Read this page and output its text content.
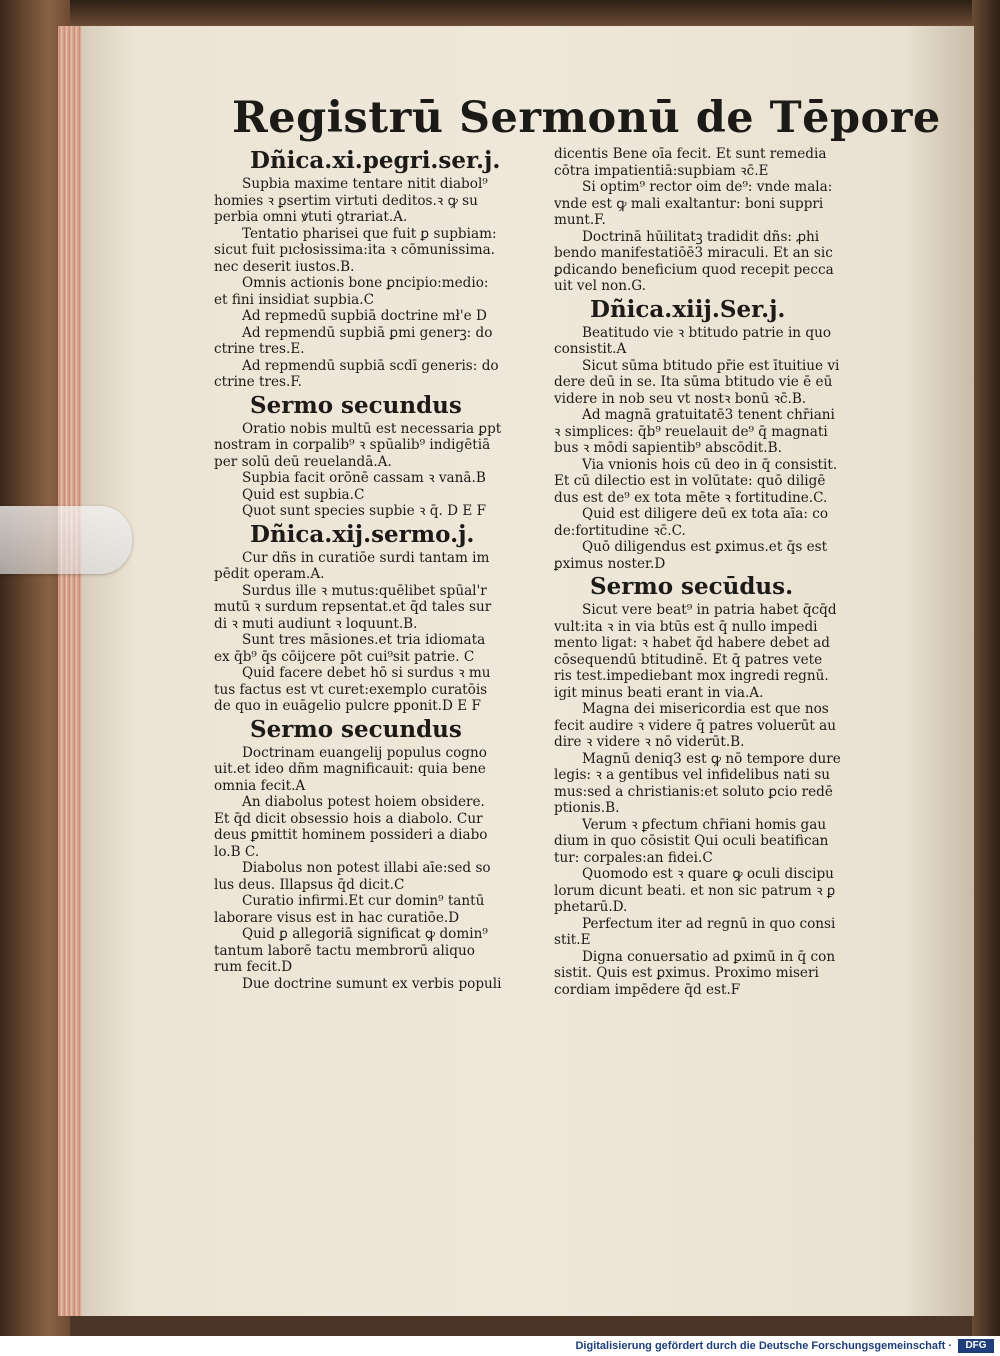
Registrū Sermonū de Tēpore
Dñica.xi.pegri.ser.j.
Supbia maxime tentare nitit diabol⁹
homies ꝛ ꝑsertim virtuti deditos.ꝛ ꝙ su
perbia omni ꝟtuti ꝯtrariat.A.
Tentatio pharisei que fuit ꝑ supbiam:
sicut fuit pıcłosissima:ita ꝛ cōmunissima.
nec deserit iustos.B.
Omnis actionis bone ꝑncipio:medio:
et fini insidiat supbia.C
Ad repmedū supbiā doctrine mł'e D
Ad repmendū supbiā ꝑmi generꝫ: do
ctrine tres.E.
Ad repmendū supbiā scdī generis: do
ctrine tres.F.
Sermo secundus
Oratio nobis multū est necessaria ꝑpt
nostram in corpalib⁹ ꝛ spūalib⁹ indigētiā
per solū deū reuelandā.A.
Supbia facit orōnē cassam ꝛ vanā.B
Quid est supbia.C
Quot sunt species supbie ꝛ q̄. D E F
Dñica.xij.sermo.j.
Cur dñs in curatiōe surdi tantam im
pēdit operam.A.
Surdus ille ꝛ mutus:quēlibet spūal'r
mutū ꝛ surdum repsentat.et q̄d tales sur
di ꝛ muti audiunt ꝛ loquunt.B.
Sunt tres māsiones.et tria idiomata
ex q̄b⁹ q̄s cōijcere pōt cui⁹sit patrie. C
Quid facere debet hō si surdus ꝛ mu
tus factus est vt curet:exemplo curatōis
de quo in euāgelio pulcre ꝑponit.D E F
Sermo secundus
Doctrinam euangelij populus cogno
uit.et ideo dñm magnificauit: quia bene
omnia fecit.A
An diabolus potest hoiem obsidere.
Et q̄d dicit obsessio hois a diabolo. Cur
deus ꝑmittit hominem possideri a diabo
lo.B C.
Diabolus non potest illabi aīe:sed so
lus deus. Illapsus q̄d dicit.C
Curatio infirmi.Et cur domin⁹ tantū
laborare visus est in hac curatiōe.D
Quid ꝑ allegoriā significat ꝙ domin⁹
tantum laborē tactu membrorū aliquo
rum fecit.D
Due doctrine sumunt ex verbis populi
dicentis Bene oīa fecit. Et sunt remedia
cōtra impatientiā:supbiam ꝛc̄.E
Si optim⁹ rector oim de⁹: vnde mala:
vnde est ꝙ mali exaltantur: boni suppri
munt.F.
Doctrinā hūilitatꝫ tradidit dñs: ꝓhi
bendo manifestatiōē3 miraculi. Et an sic
ꝑdicando beneficium quod recepit pecca
uit vel non.G.
Dñica.xiij.Ser.j.
Beatitudo vie ꝛ btitudo patrie in quo
consistit.A
Sicut sūma btitudo pr̄ie est ītuitiue vi
dere deū in se. Ita sūma btitudo vie ē eū
videre in nob̄ seu vt nostꝛ bonū ꝛc̄.B.
Ad magnā gratuitatē3 tenent chr̄iani
ꝛ simplices: q̄b⁹ reuelauit de⁹ q̄ magnati
bus ꝛ mōdi sapientib⁹ abscōdit.B.
Via vnionis hois cū deo in q̄ consistit.
Et cū dilectio est in volūtate: quō diligē
dus est de⁹ ex tota mēte ꝛ fortitudine.C.
Quid est diligere deū ex tota aīa: co
de:fortitudine ꝛc̄.C.
Quō diligendus est ꝑximus.et q̄s est
ꝑximus noster.D
Sermo secūdus.
Sicut vere beat⁹ in patria habet q̄cq̄d
vult:ita ꝛ in via btūs est q̄ nullo impedi
mento ligat: ꝛ habet q̄d habere debet ad
cōsequendū btitudinē. Et q̄ patres vete
ris test.impediebant mox ingredi regnū.
igit minus beati erant in via.A.
Magna dei misericordia est que nos
fecit audire ꝛ videre q̄ patres voluerūt au
dire ꝛ videre ꝛ nō viderūt.B.
Magnū deniq3 est ꝙ nō tempore dure
legis: ꝛ a gentibus vel infidelibus nati su
mus:sed a christianis:et soluto ꝑcio redē
ptionis.B.
Verum ꝛ ꝑfectum chr̄iani homis gau
dium in quo cōsistit Qui oculi beatifican
tur: corpales:an fidei.C
Quomodo est ꝛ quare ꝙ oculi discipu
lorum dicunt beati. et non sic patrum ꝛ ꝑ
phetarū.D.
Perfectum iter ad regnū in quo consi
stit.E
Digna conuersatio ad ꝑximū in q̄ con
sistit. Quis est ꝑximus. Proximo miseri
cordiam impēdere q̄d est.F
Digitalisierung gefördert durch die Deutsche Forschungsgemeinschaft ·	DFG
